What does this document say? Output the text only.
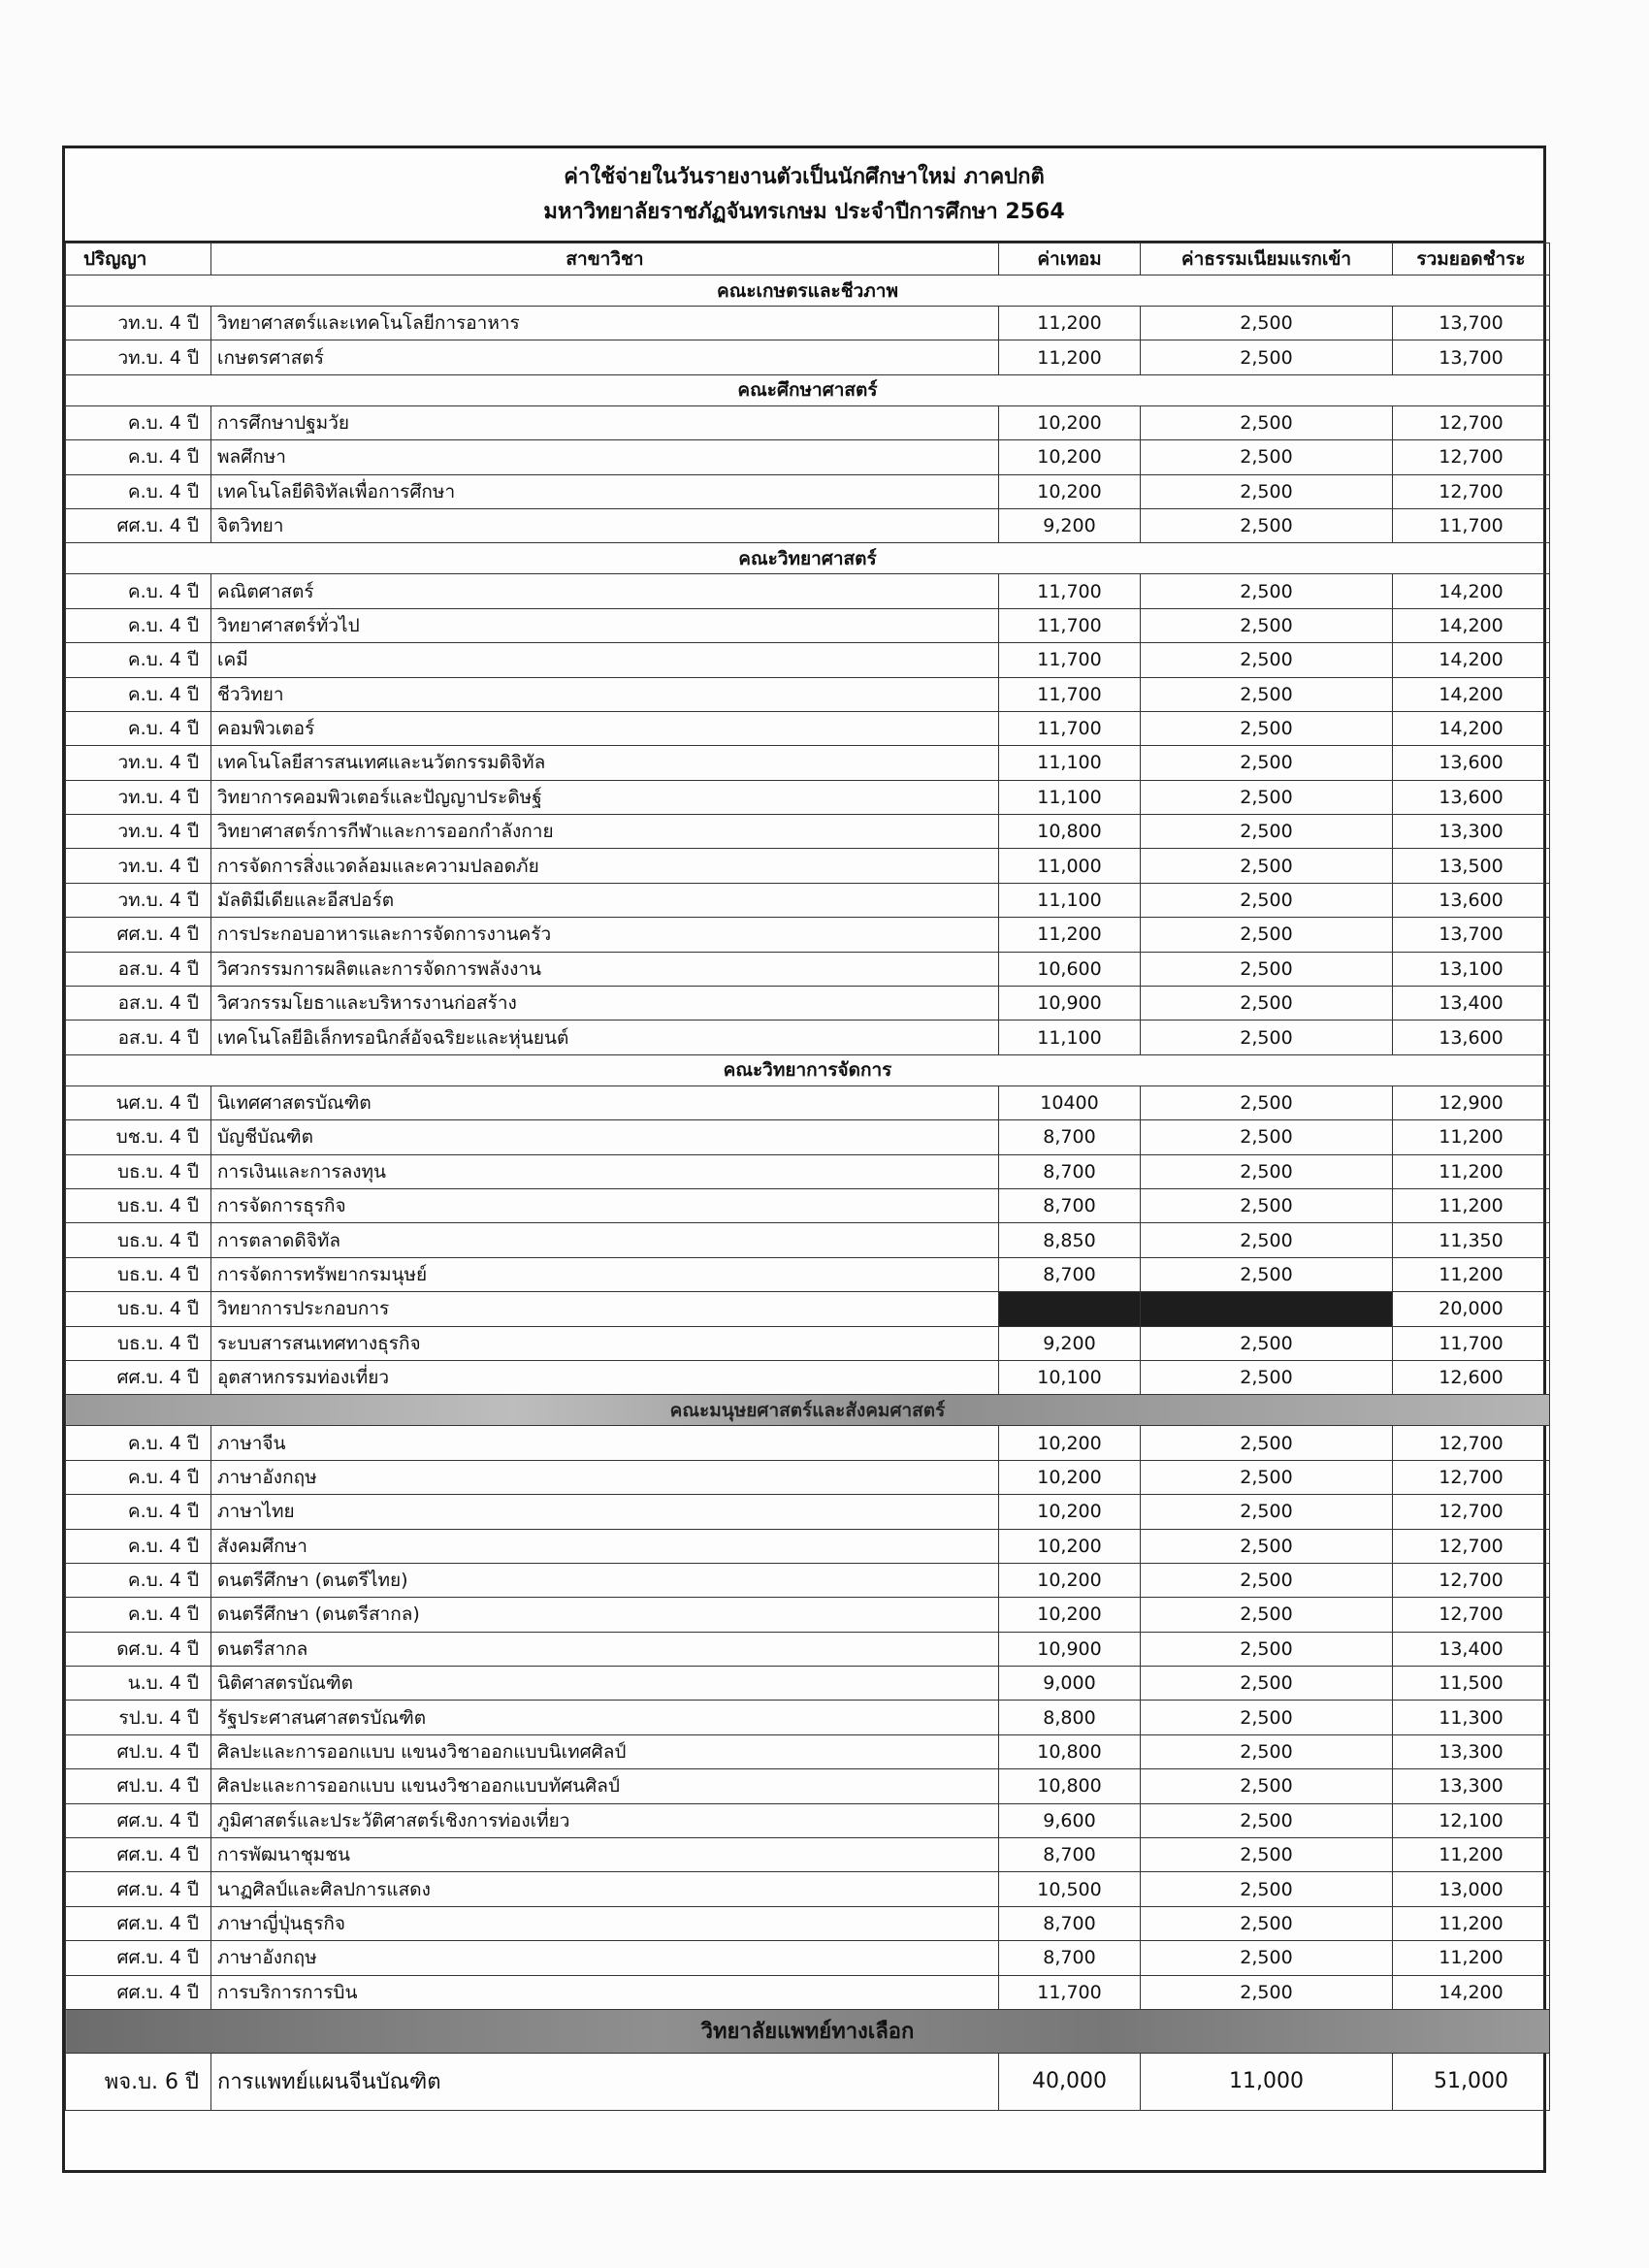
ค่าใช้จ่ายในวันรายงานตัวเป็นนักศึกษาใหม่ ภาคปกติ
มหาวิทยาลัยราชภัฏจันทรเกษม ประจำปีการศึกษา 2564
ปริญญา	สาขาวิชา	ค่าเทอม	ค่าธรรมเนียมแรกเข้า	รวมยอดชำระ
คณะเกษตรและชีวภาพ				
วท.บ. 4 ปี	วิทยาศาสตร์และเทคโนโลยีการอาหาร	11,200	2,500	13,700
วท.บ. 4 ปี	เกษตรศาสตร์	11,200	2,500	13,700
คณะศึกษาศาสตร์				
ค.บ. 4 ปี	การศึกษาปฐมวัย	10,200	2,500	12,700
ค.บ. 4 ปี	พลศึกษา	10,200	2,500	12,700
ค.บ. 4 ปี	เทคโนโลยีดิจิทัลเพื่อการศึกษา	10,200	2,500	12,700
ศศ.บ. 4 ปี	จิตวิทยา	9,200	2,500	11,700
คณะวิทยาศาสตร์				
ค.บ. 4 ปี	คณิตศาสตร์	11,700	2,500	14,200
ค.บ. 4 ปี	วิทยาศาสตร์ทั่วไป	11,700	2,500	14,200
ค.บ. 4 ปี	เคมี	11,700	2,500	14,200
ค.บ. 4 ปี	ชีววิทยา	11,700	2,500	14,200
ค.บ. 4 ปี	คอมพิวเตอร์	11,700	2,500	14,200
วท.บ. 4 ปี	เทคโนโลยีสารสนเทศและนวัตกรรมดิจิทัล	11,100	2,500	13,600
วท.บ. 4 ปี	วิทยาการคอมพิวเตอร์และปัญญาประดิษฐ์	11,100	2,500	13,600
วท.บ. 4 ปี	วิทยาศาสตร์การกีฬาและการออกกำลังกาย	10,800	2,500	13,300
วท.บ. 4 ปี	การจัดการสิ่งแวดล้อมและความปลอดภัย	11,000	2,500	13,500
วท.บ. 4 ปี	มัลติมีเดียและอีสปอร์ต	11,100	2,500	13,600
ศศ.บ. 4 ปี	การประกอบอาหารและการจัดการงานครัว	11,200	2,500	13,700
อส.บ. 4 ปี	วิศวกรรมการผลิตและการจัดการพลังงาน	10,600	2,500	13,100
อส.บ. 4 ปี	วิศวกรรมโยธาและบริหารงานก่อสร้าง	10,900	2,500	13,400
อส.บ. 4 ปี	เทคโนโลยีอิเล็กทรอนิกส์อัจฉริยะและหุ่นยนต์	11,100	2,500	13,600
คณะวิทยาการจัดการ				
นศ.บ. 4 ปี	นิเทศศาสตรบัณฑิต	10400	2,500	12,900
บช.บ. 4 ปี	บัญชีบัณฑิต	8,700	2,500	11,200
บธ.บ. 4 ปี	การเงินและการลงทุน	8,700	2,500	11,200
บธ.บ. 4 ปี	การจัดการธุรกิจ	8,700	2,500	11,200
บธ.บ. 4 ปี	การตลาดดิจิทัล	8,850	2,500	11,350
บธ.บ. 4 ปี	การจัดการทรัพยากรมนุษย์	8,700	2,500	11,200
บธ.บ. 4 ปี	วิทยาการประกอบการ			20,000
บธ.บ. 4 ปี	ระบบสารสนเทศทางธุรกิจ	9,200	2,500	11,700
ศศ.บ. 4 ปี	อุตสาหกรรมท่องเที่ยว	10,100	2,500	12,600
คณะมนุษยศาสตร์และสังคมศาสตร์				
ค.บ. 4 ปี	ภาษาจีน	10,200	2,500	12,700
ค.บ. 4 ปี	ภาษาอังกฤษ	10,200	2,500	12,700
ค.บ. 4 ปี	ภาษาไทย	10,200	2,500	12,700
ค.บ. 4 ปี	สังคมศึกษา	10,200	2,500	12,700
ค.บ. 4 ปี	ดนตรีศึกษา (ดนตรีไทย)	10,200	2,500	12,700
ค.บ. 4 ปี	ดนตรีศึกษา (ดนตรีสากล)	10,200	2,500	12,700
ดศ.บ. 4 ปี	ดนตรีสากล	10,900	2,500	13,400
น.บ. 4 ปี	นิติศาสตรบัณฑิต	9,000	2,500	11,500
รป.บ. 4 ปี	รัฐประศาสนศาสตรบัณฑิต	8,800	2,500	11,300
ศป.บ. 4 ปี	ศิลปะและการออกแบบ แขนงวิชาออกแบบนิเทศศิลป์	10,800	2,500	13,300
ศป.บ. 4 ปี	ศิลปะและการออกแบบ แขนงวิชาออกแบบทัศนศิลป์	10,800	2,500	13,300
ศศ.บ. 4 ปี	ภูมิศาสตร์และประวัติศาสตร์เชิงการท่องเที่ยว	9,600	2,500	12,100
ศศ.บ. 4 ปี	การพัฒนาชุมชน	8,700	2,500	11,200
ศศ.บ. 4 ปี	นาฏศิลป์และศิลปการแสดง	10,500	2,500	13,000
ศศ.บ. 4 ปี	ภาษาญี่ปุ่นธุรกิจ	8,700	2,500	11,200
ศศ.บ. 4 ปี	ภาษาอังกฤษ	8,700	2,500	11,200
ศศ.บ. 4 ปี	การบริการการบิน	11,700	2,500	14,200
วิทยาลัยแพทย์ทางเลือก				
พจ.บ. 6 ปี	การแพทย์แผนจีนบัณฑิต	40,000	11,000	51,000
